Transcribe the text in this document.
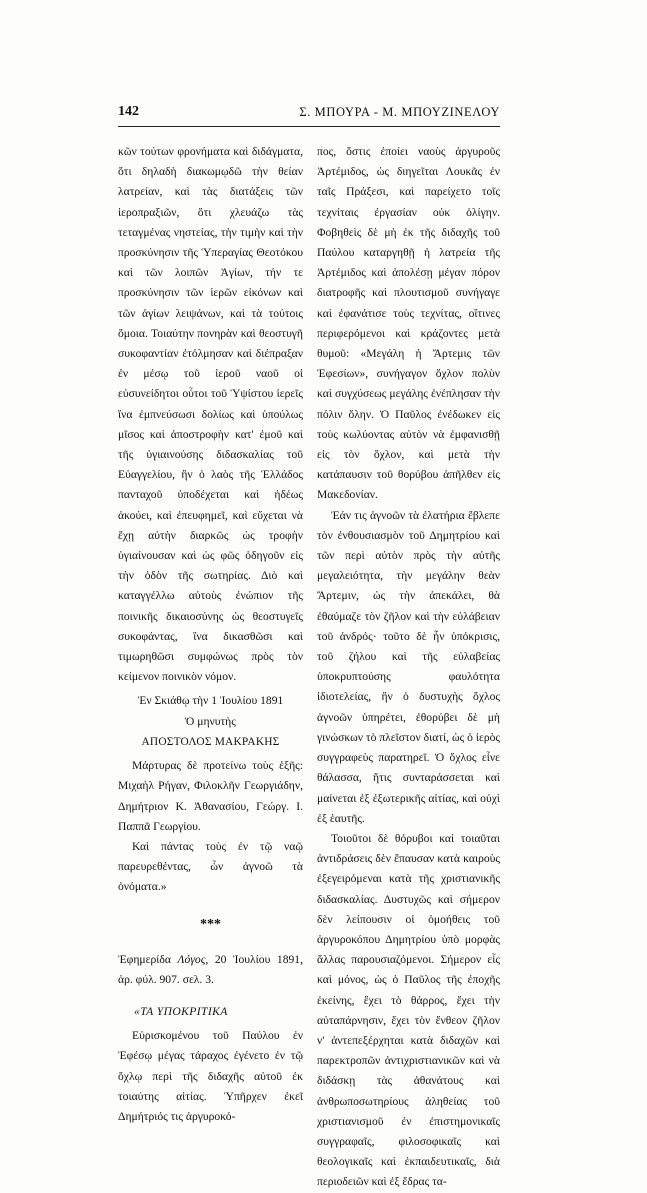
142	Σ. ΜΠΟΥΡΑ - Μ. ΜΠΟΥΖΙΝΕΛΟΥ

κῶν τούτων φρονήματα καὶ διδάγματα, ὅτι δηλαδὴ διακωμῳδῶ τὴν θείαν λατρείαν, καὶ τὰς διατάξεις τῶν ἱεροπραξιῶν, ὅτι χλευάζω τὰς τεταγμένας νηστείας, τὴν τιμὴν καὶ τὴν προσκύνησιν τῆς Ὑπεραγίας Θεοτόκου καὶ τῶν λοιπῶν Ἁγίων, τήν τε προσκύνησιν τῶν ἱερῶν εἰκόνων καὶ τῶν ἁγίων λειψάνων, καὶ τὰ τούτοις ὅμοια. Τοιαύτην πονηρὰν καὶ θεοστυγῆ συκοφαντίαν ἐτόλμησαν καὶ διέπραξαν ἐν μέσῳ τοῦ ἱεροῦ ναοῦ οἱ εὐσυνείδητοι οὗτοι τοῦ Ὑψίστου ἱερεῖς ἵνα ἐμπνεύσωσι δολίως καὶ ὑπούλως μῖσος καὶ ἀποστροφὴν κατ' ἐμοῦ καὶ τῆς ὑγιαινούσης διδασκαλίας τοῦ Εὐαγγελίου, ἣν ὁ λαὸς τῆς Ἑλλάδος πανταχοῦ ὑποδέχεται καὶ ἡδέως ἀκούει, καὶ ἐπευφημεῖ, καὶ εὔχεται νὰ ἔχῃ αὐτὴν διαρκῶς ὡς τροφὴν ὑγιαίνουσαν καὶ ὡς φῶς ὁδηγοῦν εἰς τὴν ὁδὸν τῆς σωτηρίας. Διὸ καὶ καταγγέλλω αὐτοὺς ἐνώπιον τῆς ποινικῆς δικαιοσύνης ὡς θεοστυγεῖς συκοφάντας, ἵνα δικασθῶσι καὶ τιμωρηθῶσι συμφώνως πρὸς τὸν κείμενον ποινικὸν νόμον.

Ἐν Σκιάθῳ τὴν 1 Ἰουλίου 1891

Ὁ μηνυτὴς

ΑΠΟΣΤΟΛΟΣ ΜΑΚΡΑΚΗΣ

Μάρτυρας δὲ προτείνω τοὺς ἑξῆς: Μιχαὴλ Ρήγαν, Φιλοκλῆν Γεωργιάδην, Δημήτριον Κ. Ἀθανασίου, Γεώργ. Ι. Παππᾶ Γεωργίου.

Καὶ πάντας τοὺς ἐν τῷ ναῷ παρευρεθέντας, ὧν ἀγνοῶ τὰ ὀνόματα.»

***

Ἐφημερίδα Λόγος, 20 Ἰουλίου 1891, ἀρ. φύλ. 907. σελ. 3.

«ΤΑ ΥΠΟΚΡΙΤΙΚΑ

Εὐρισκομένου τοῦ Παύλου ἐν Ἐφέσῳ μέγας τάραχος ἐγένετο ἐν τῷ ὄχλῳ περὶ τῆς διδαχῆς αὐτοῦ ἐκ τοιαύτης αἰτίας. Ὑπῆρχεν ἐκεῖ Δημήτριός τις ἀργυροκό-

πος, ὅστις ἐποίει ναοὺς ἀργυροῦς Ἀρτέμιδος, ὡς διηγεῖται Λουκᾶς ἐν ταῖς Πράξεσι, καὶ παρείχετο τοῖς τεχνίταις ἐργασίαν οὐκ ὀλίγην. Φοβηθεὶς δὲ μὴ ἐκ τῆς διδαχῆς τοῦ Παύλου καταργηθῇ ἡ λατρεία τῆς Ἀρτέμιδος καὶ ἀπολέσῃ μέγαν πόρον διατροφῆς καὶ πλουτισμοῦ συνήγαγε καὶ ἐφανάτισε τοὺς τεχνίτας, οἵτινες περιφερόμενοι καὶ κράζοντες μετὰ θυμοῦ: «Μεγάλη ἡ Ἄρτεμις τῶν Ἐφεσίων», συνήγαγον ὄχλον πολὺν καὶ συγχύσεως μεγάλης ἐνέπλησαν τὴν πόλιν ὅλην. Ὁ Παῦλος ἐνέδωκεν εἰς τοὺς κωλύοντας αὐτὸν νὰ ἐμφανισθῇ εἰς τὸν ὄχλον, καὶ μετὰ τὴν κατάπαυσιν τοῦ θορύβου ἀπῆλθεν εἰς Μακεδονίαν.

Ἐάν τις ἀγνοῶν τὰ ἐλατήρια ἔβλεπε τὸν ἐνθουσιασμὸν τοῦ Δημητρίου καὶ τῶν περὶ αὐτὸν πρὸς τὴν αὐτῆς μεγαλειότητα, τὴν μεγάλην θεὰν Ἄρτεμιν, ὡς τὴν ἀπεκάλει, θὰ ἐθαύμαζε τὸν ζῆλον καὶ τὴν εὐλάβειαν τοῦ ἀνδρός· τοῦτο δὲ ἦν ὑπόκρισις, τοῦ ζήλου καὶ τῆς εὐλαβείας ὑποκρυπτούσης φαυλότητα ἰδιοτελείας, ἣν ὁ δυστυχὴς ὄχλος ἀγνοῶν ὑπηρέτει, ἐθορύβει δὲ μὴ γινώσκων τὸ πλεῖστον διατί, ὡς ὁ ἱερὸς συγγραφεὺς παρατηρεῖ. Ὁ ὄχλος εἶνε θάλασσα, ἥτις συνταράσσεται καὶ μαίνεται ἐξ ἐξωτερικῆς αἰτίας, καὶ οὐχὶ ἐξ ἑαυτῆς.

Τοιοῦτοι δὲ θόρυβοι καὶ τοιαῦται ἀντιδράσεις δὲν ἔπαυσαν κατὰ καιροὺς ἐξεγειρόμεναι κατὰ τῆς χριστιανικῆς διδασκαλίας. Δυστυχῶς καὶ σήμερον δὲν λείπουσιν οἱ ὁμοήθεις τοῦ ἀργυροκόπου Δημητρίου ὑπὸ μορφὰς ἄλλας παρουσιαζόμενοι. Σήμερον εἷς καὶ μόνος, ὡς ὁ Παῦλος τῆς ἐποχῆς ἐκείνης, ἔχει τὸ θάρρος, ἔχει τὴν αὐταπάρνησιν, ἔχει τὸν ἔνθεον ζῆλον ν' ἀντεπεξέρχηται κατὰ διδαχῶν καὶ παρεκτροπῶν ἀντιχριστιανικῶν καὶ νὰ διδάσκῃ τὰς ἀθανάτους καὶ ἀνθρωποσωτηρίους ἀληθείας τοῦ χριστιανισμοῦ ἐν ἐπιστημονικαῖς συγγραφαῖς, φιλοσοφικαῖς καὶ θεολογικαῖς καὶ ἐκπαιδευτικαῖς, διὰ περιοδειῶν καὶ ἐξ ἕδρας τα-
